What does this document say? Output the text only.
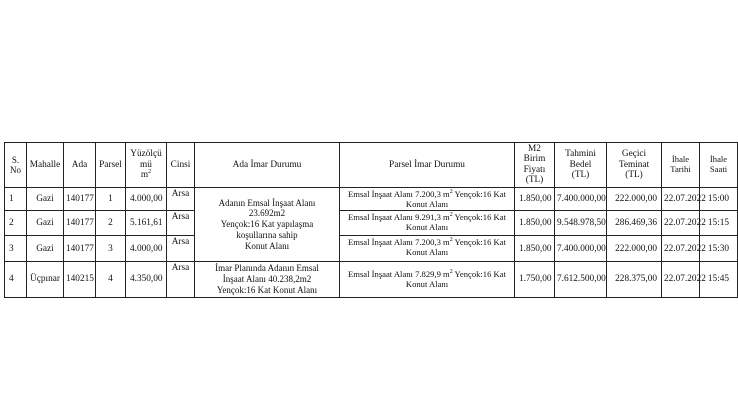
S.
No	Mahalle	Ada	Parsel	Yüzölçü
mü
$m^2$	Cinsi	Ada İmar Durumu	Parsel İmar Durumu	M2 Birim
Fiyatı
(TL)	Tahmini
Bedel
(TL)	Geçici
Teminat
(TL)	İhale Tarihi	İhale Saati
1	Gazi	140177	1	4.000,00	Arsa	Adanın Emsal İnşaat Alanı
23.692m2
Yençok:16 Kat yapılaşma
koşullarına sahip
Konut Alanı	Emsal İnşaat Alanı 7.200,3 $m^2$ Yençok:16 Kat
Konut Alanı	1.850,00	7.400.000,00	222.000,00	22.07.2022	15:00
2	Gazi	140177	2	5.161,61	Arsa		Emsal İnşaat Alanı 9.291,3 $m^2$ Yençok:16 Kat
Konut Alanı	1.850,00	9.548.978,50	286.469,36	22.07.2022	15:15
3	Gazi	140177	3	4.000,00	Arsa		Emsal İnşaat Alanı 7.200,3 $m^2$ Yençok:16 Kat
Konut Alanı	1.850,00	7.400.000,00	222.000,00	22.07.2022	15:30
4	Üçpınar	140215	4	4.350,00	Arsa	İmar Planında Adanın Emsal
İnşaat Alanı 40.238,2m2
Yençok:16 Kat Konut Alanı	Emsal İnşaat Alanı 7.829,9 $m^2$ Yençok:16 Kat
Konut Alanı	1.750,00	7.612.500,00	228.375,00	22.07.2022	15:45
